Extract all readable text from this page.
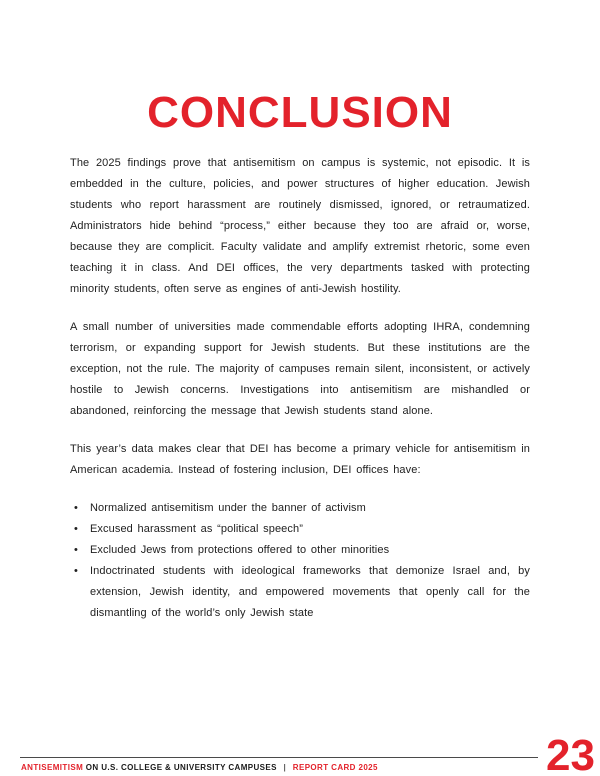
CONCLUSION

The 2025 findings prove that antisemitism on campus is systemic, not episodic. It is embedded in the culture, policies, and power structures of higher education. Jewish students who report harassment are routinely dismissed, ignored, or retraumatized. Administrators hide behind “process,” either because they too are afraid or, worse, because they are complicit. Faculty validate and amplify extremist rhetoric, some even teaching it in class. And DEI offices, the very departments tasked with protecting minority students, often serve as engines of anti-Jewish hostility.

A small number of universities made commendable efforts adopting IHRA, condemning terrorism, or expanding support for Jewish students. But these institutions are the exception, not the rule. The majority of campuses remain silent, inconsistent, or actively hostile to Jewish concerns. Investigations into antisemitism are mishandled or abandoned, reinforcing the message that Jewish students stand alone.

This year’s data makes clear that DEI has become a primary vehicle for antisemitism in American academia. Instead of fostering inclusion, DEI offices have:

• Normalized antisemitism under the banner of activism
• Excused harassment as “political speech”
• Excluded Jews from protections offered to other minorities
• Indoctrinated students with ideological frameworks that demonize Israel and, by extension, Jewish identity, and empowered movements that openly call for the dismantling of the world’s only Jewish state
ANTISEMITISM ON U.S. COLLEGE & UNIVERSITY CAMPUSES | REPORT CARD 2025	23
